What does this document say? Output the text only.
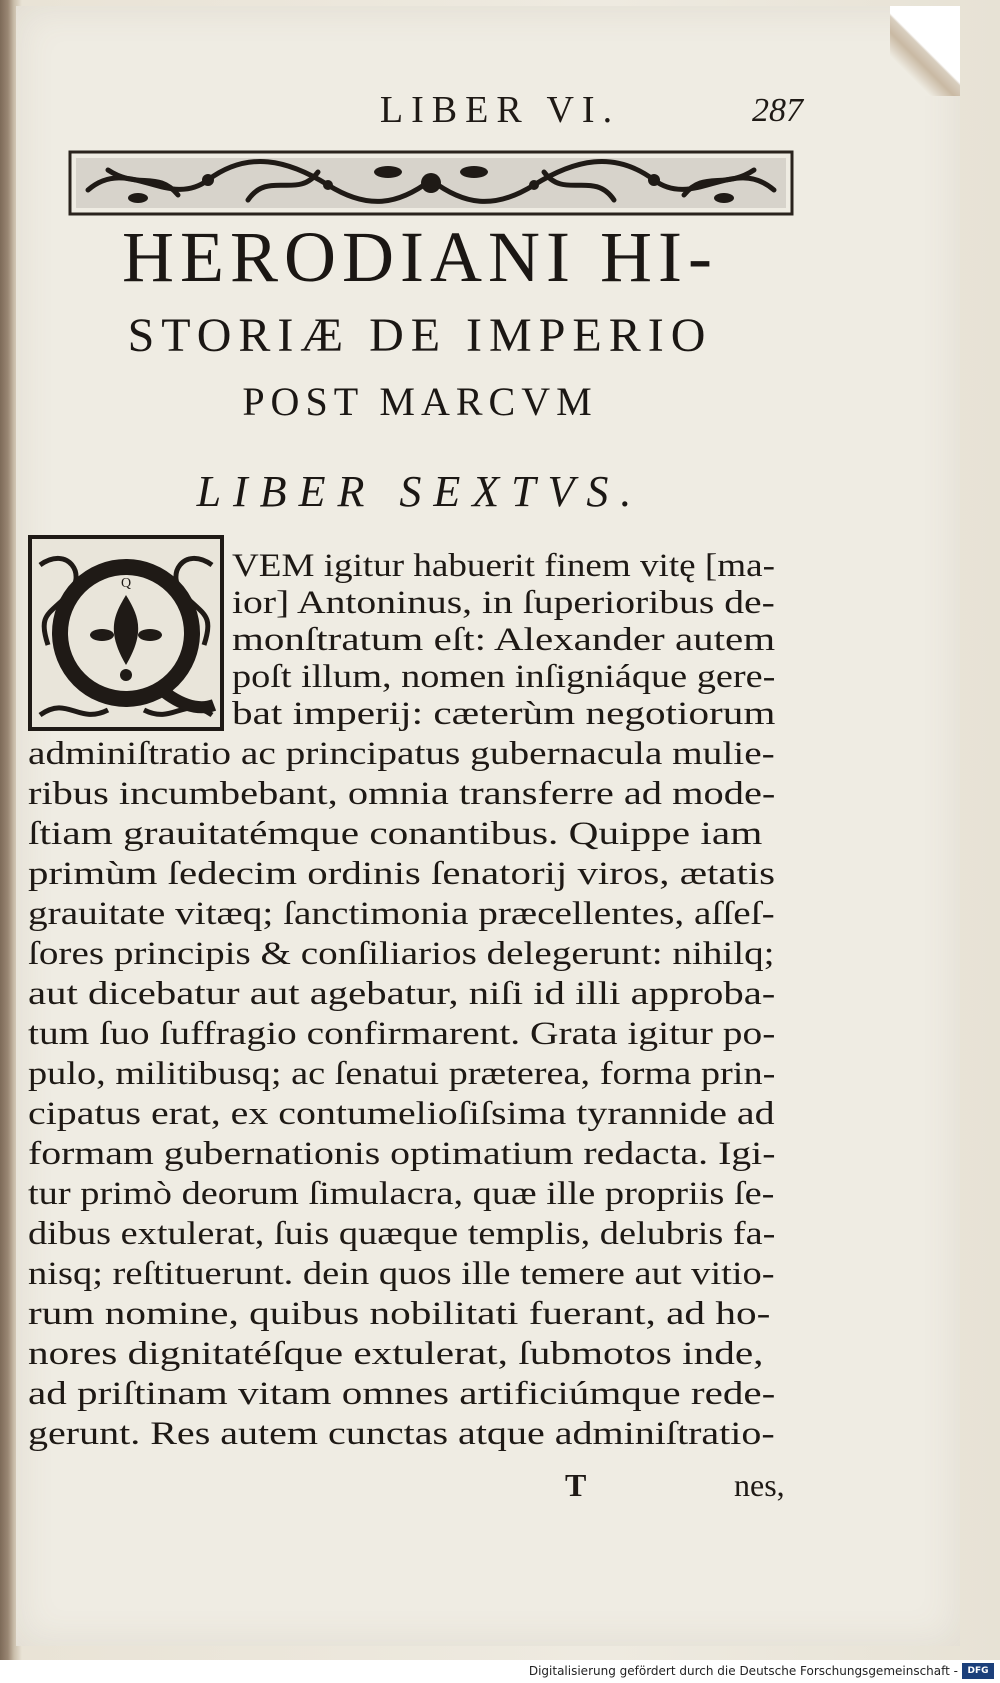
LIBER VI.	287
HERODIANI HI-
STORIÆ DE IMPERIO
POST MARCVM
LIBER SEXTVS.
Q	VEM igitur habuerit finem vitę [ma-
ior] Antoninus, in ſuperioribus de-
monſtratum eſt: Alexander autem
poſt illum, nomen inſigniáque gere-
bat imperij: cæterùm negotiorum
adminiſtratio ac principatus gubernacula mulie-
ribus incumbebant, omnia transferre ad mode-
ſtiam grauitatémque conantibus. Quippe iam
primùm ſedecim ordinis ſenatorij viros, ætatis
grauitate vitæq; ſanctimonia præcellentes, aſſeſ-
ſores principis & conſiliarios delegerunt: nihilq;
aut dicebatur aut agebatur, niſi id illi approba-
tum ſuo ſuffragio confirmarent. Grata igitur po-
pulo, militibusq; ac ſenatui præterea, forma prin-
cipatus erat, ex contumelioſiſsima tyrannide ad
formam gubernationis optimatium redacta. Igi-
tur primò deorum ſimulacra, quæ ille propriis ſe-
dibus extulerat, ſuis quæque templis, delubris fa-
nisq; reſtituerunt. dein quos ille temere aut vitio-
rum nomine, quibus nobilitati fuerant, ad ho-
nores dignitatéſque extulerat, ſubmotos inde,
ad priſtinam vitam omnes artificiúmque rede-
gerunt. Res autem cunctas atque adminiſtratio-
T	nes,
Digitalisierung gefördert durch die Deutsche Forschungsgemeinschaft -	DFG
